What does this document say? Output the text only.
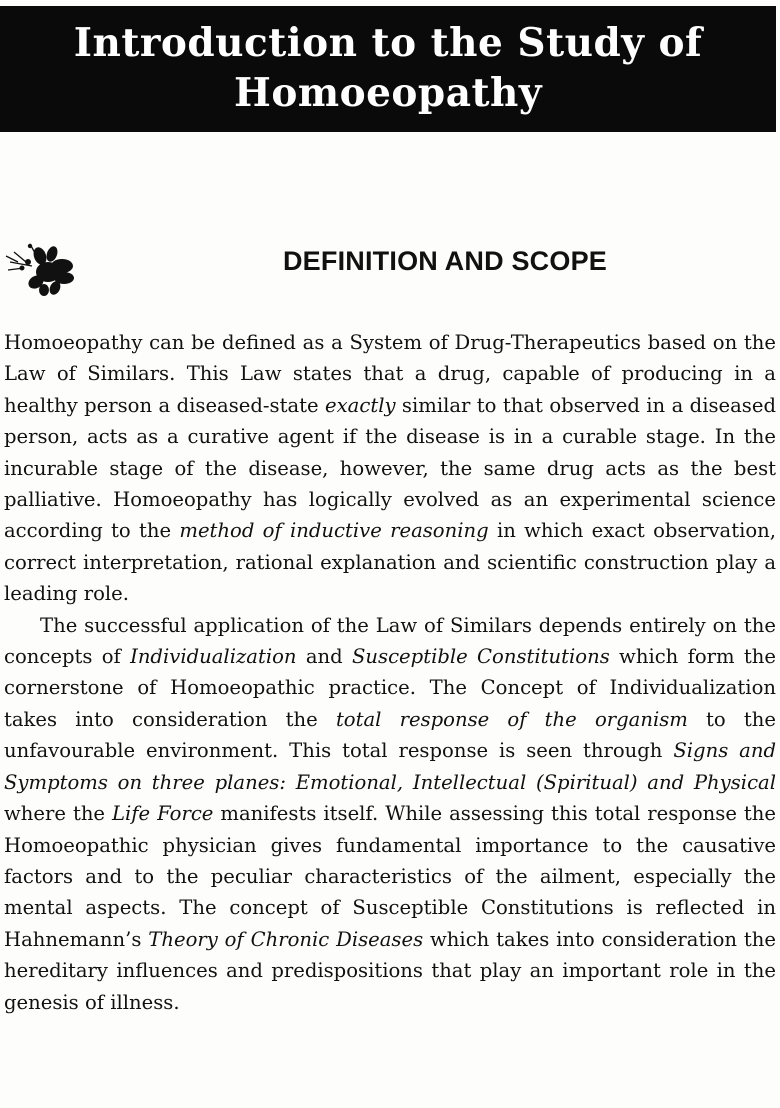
Introduction to the Study of
Homoeopathy
DEFINITION AND SCOPE

Homoeopathy can be defined as a System of Drug-Therapeutics based on the Law of Similars. This Law states that a drug, capable of producing in a healthy person a diseased-state exactly similar to that observed in a diseased person, acts as a curative agent if the disease is in a curable stage. In the incurable stage of the disease, however, the same drug acts as the best palliative. Homoeopathy has logically evolved as an experimental science according to the method of inductive reasoning in which exact observation, correct interpretation, rational explanation and scientific construction play a leading role.

The successful application of the Law of Similars depends entirely on the concepts of Individualization and Susceptible Constitutions which form the cornerstone of Homoeopathic practice. The Concept of Individualization takes into consideration the total response of the organism to the unfavourable environment. This total response is seen through Signs and Symptoms on three planes: Emotional, Intellectual (Spiritual) and Physical where the Life Force manifests itself. While assessing this total response the Homoeopathic physician gives fundamental importance to the causative factors and to the peculiar characteristics of the ailment, especially the mental aspects. The concept of Susceptible Constitutions is reflected in Hahnemann’s Theory of Chronic Diseases which takes into consideration the hereditary influences and predispositions that play an important role in the genesis of illness.
